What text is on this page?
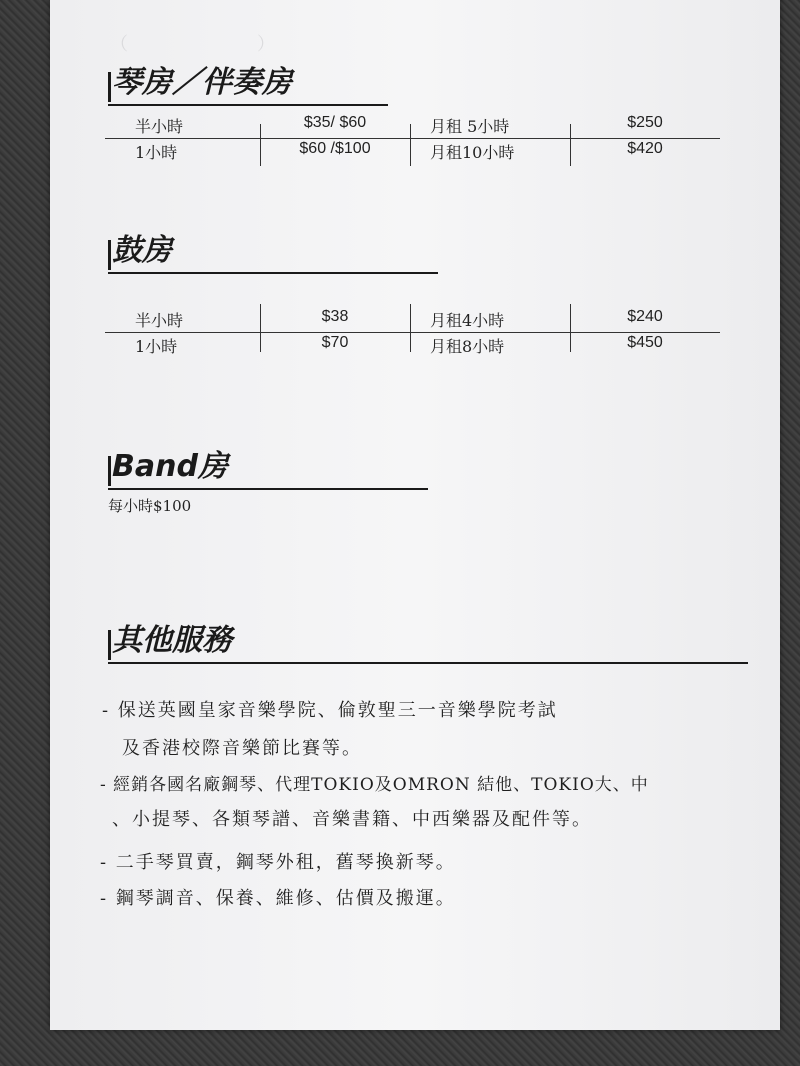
（　　　　　　）

琴房／伴奏房
半小時	$35/ $60	月租 5小時	$250
1小時	$60 /$100	月租10小時	$420
鼓房
半小時	$38	月租4小時	$240
1小時	$70	月租8小時	$450
Band房
每小時$100
其他服務
- 保送英國皇家音樂學院、倫敦聖三一音樂學院考試
及香港校際音樂節比賽等。
- 經銷各國名廠鋼琴、代理TOKIO及OMRON 結他、TOKIO大、中
、小提琴、各類琴譜、音樂書籍、中西樂器及配件等。
- 二手琴買賣，鋼琴外租，舊琴換新琴。
- 鋼琴調音、保養、維修、估價及搬運。
